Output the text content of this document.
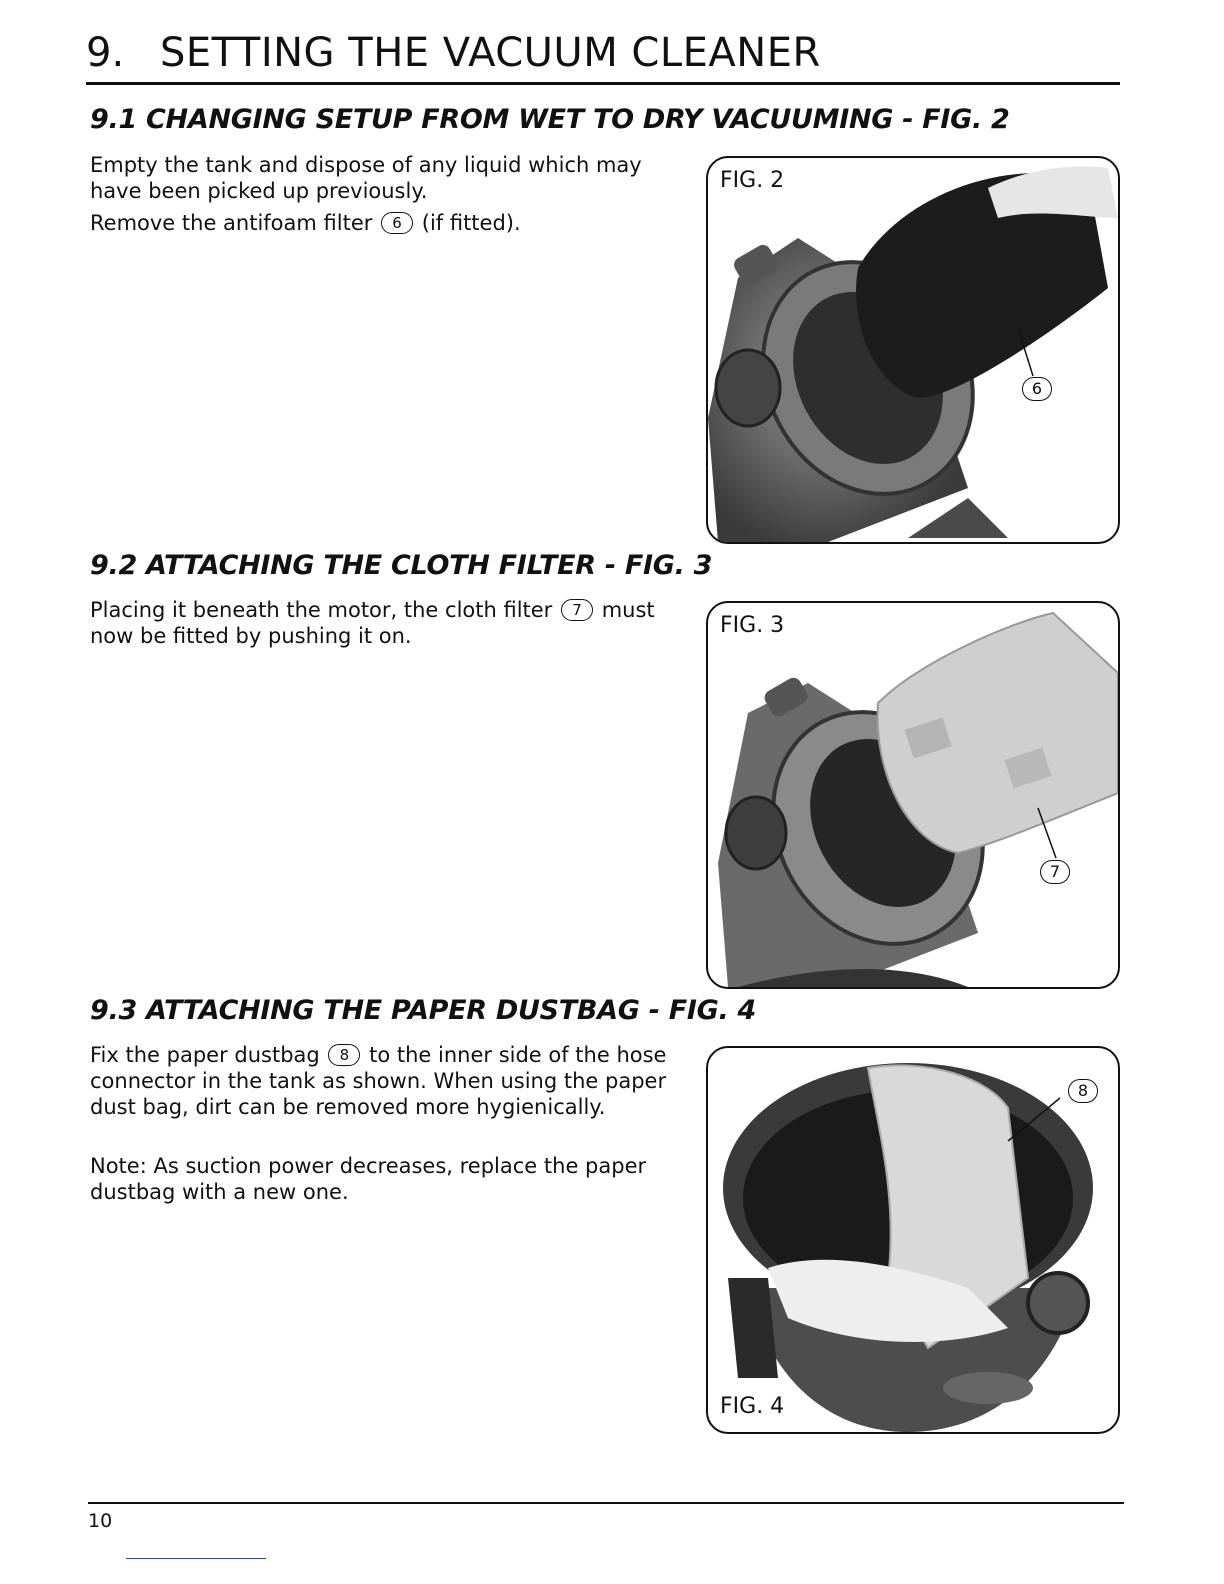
9. SETTING THE VACUUM CLEANER
9.1 CHANGING SETUP FROM WET TO DRY VACUUMING - FIG. 2

Empty the tank and dispose of any liquid which may have been picked up previously.

Remove the antifoam filter 6 (if fitted).

FIG. 2
6
9.2 ATTACHING THE CLOTH FILTER - FIG. 3

Placing it beneath the motor, the cloth filter 7 must now be fitted by pushing it on.	FIG. 3
7
9.3 ATTACHING THE PAPER DUSTBAG - FIG. 4

Fix the paper dustbag 8 to the inner side of the hose connector in the tank as shown. When using the paper dust bag, dirt can be removed more hygienically.

Note: As suction power decreases, replace the paper dustbag with a new one.

FIG. 4
8
10
